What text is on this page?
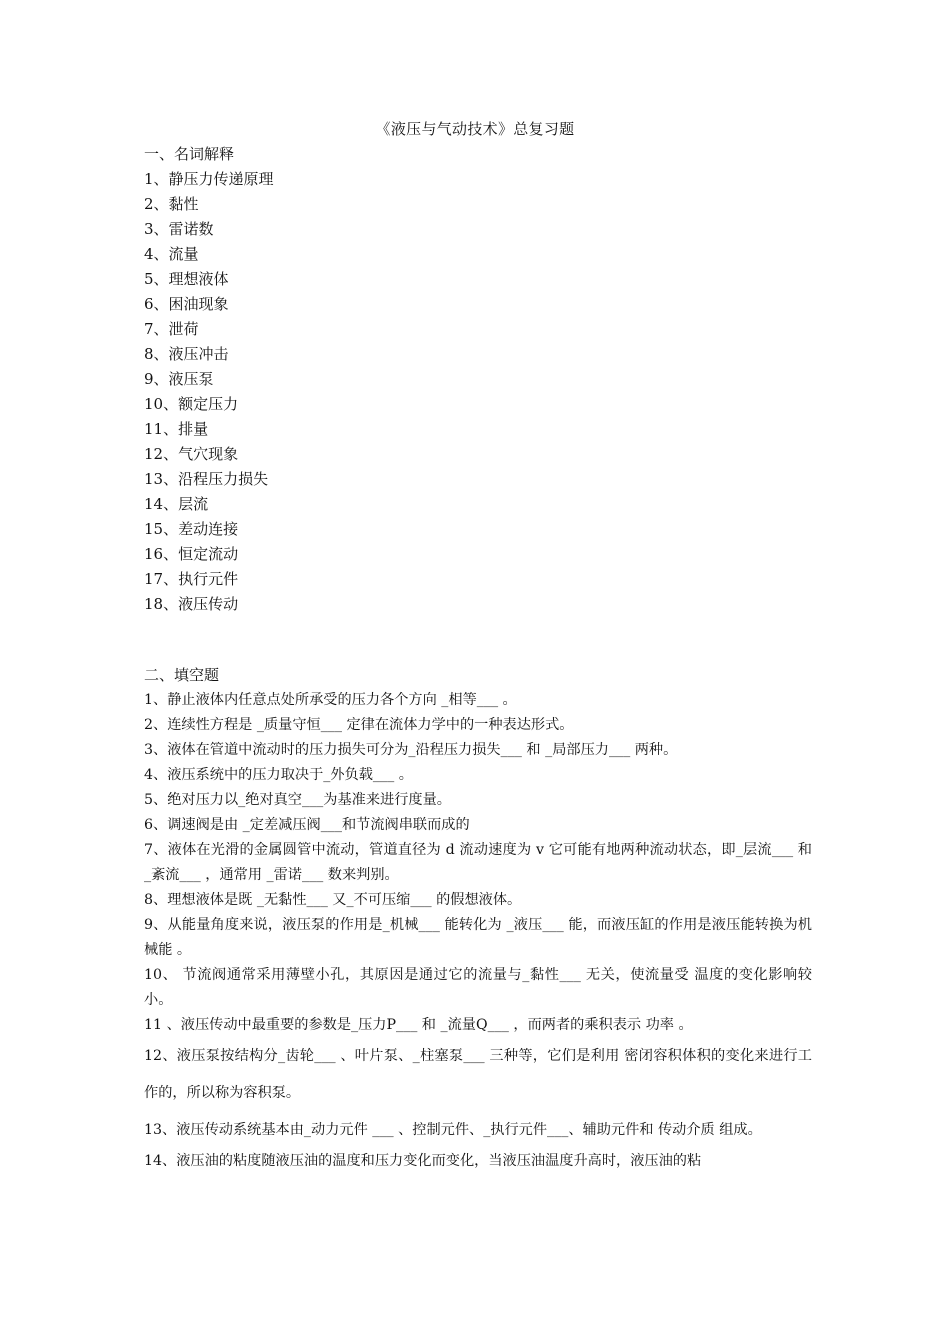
《液压与气动技术》总复习题
一、名词解释
1、静压力传递原理
2、黏性
3、雷诺数
4、流量
5、理想液体
6、困油现象
7、泄荷
8、液压冲击
9、液压泵
10、额定压力
11、排量
12、气穴现象
13、沿程压力损失
14、层流
15、差动连接
16、恒定流动
17、执行元件
18、液压传动
二、填空题
1、静止液体内任意点处所承受的压力各个方向 _相等___ 。
2、连续性方程是 _质量守恒___ 定律在流体力学中的一种表达形式。
3、液体在管道中流动时的压力损失可分为_沿程压力损失___ 和 _局部压力___ 两种。
4、液压系统中的压力取决于_外负载___ 。
5、绝对压力以_绝对真空___为基准来进行度量。
6、调速阀是由 _定差减压阀___和节流阀串联而成的
7、液体在光滑的金属圆管中流动，管道直径为 d 流动速度为 v 它可能有地两种流动状态，即_层流___ 和 _紊流___ ，通常用 _雷诺___ 数来判别。
8、理想液体是既 _无黏性___ 又_不可压缩___ 的假想液体。
9、从能量角度来说，液压泵的作用是_机械___ 能转化为 _液压___ 能，而液压缸的作用是液压能转换为机械能 。
10、 节流阀通常采用薄壁小孔，其原因是通过它的流量与_黏性___ 无关，使流量受 温度的变化影响较小。
11 、液压传动中最重要的参数是_压力P___ 和 _流量Q___ ，而两者的乘积表示 功率 。
12、液压泵按结构分_齿轮___ 、叶片泵、_柱塞泵___ 三种等，它们是利用 密闭容积体积的变化来进行工作的，所以称为容积泵。
13、液压传动系统基本由_动力元件 ___ 、控制元件、_执行元件___、辅助元件和 传动介质 组成。
14、液压油的粘度随液压油的温度和压力变化而变化，当液压油温度升高时，液压油的粘
